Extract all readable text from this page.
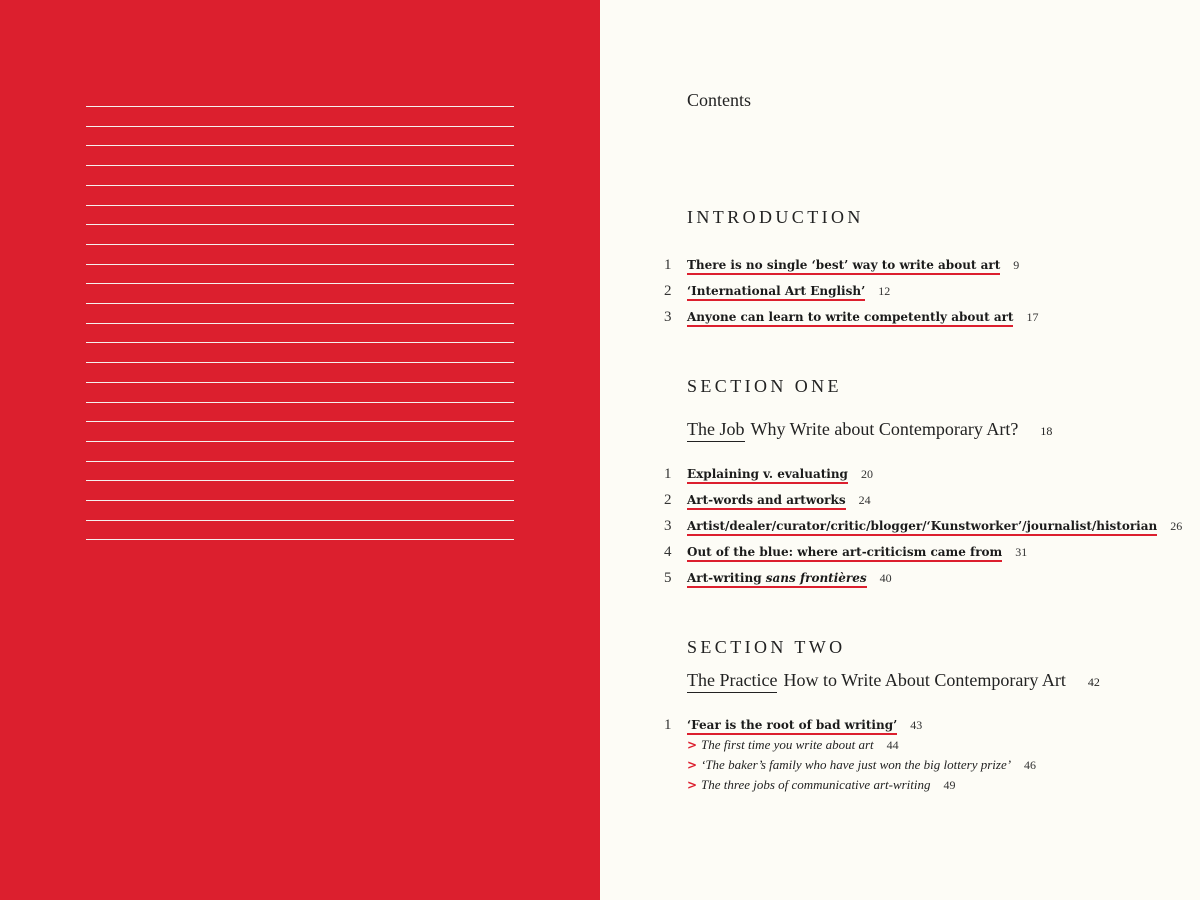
Contents
INTRODUCTION
1	There is no single ‘best’ way to write about art 9
2	‘International Art English’ 12
3	Anyone can learn to write competently about art 17
SECTION ONE
The Job Why Write about Contemporary Art? 18
1	Explaining v. evaluating 20
2	Art-words and artworks 24
3	Artist/dealer/curator/critic/blogger/‘Kunstworker’/journalist/historian 26
4	Out of the blue: where art-criticism came from 31
5	Art-writing sans frontières 40
SECTION TWO
The Practice How to Write About Contemporary Art 42
1	‘Fear is the root of bad writing’ 43
> The first time you write about art 44
> ‘The baker’s family who have just won the big lottery prize’ 46
> The three jobs of communicative art-writing 49
